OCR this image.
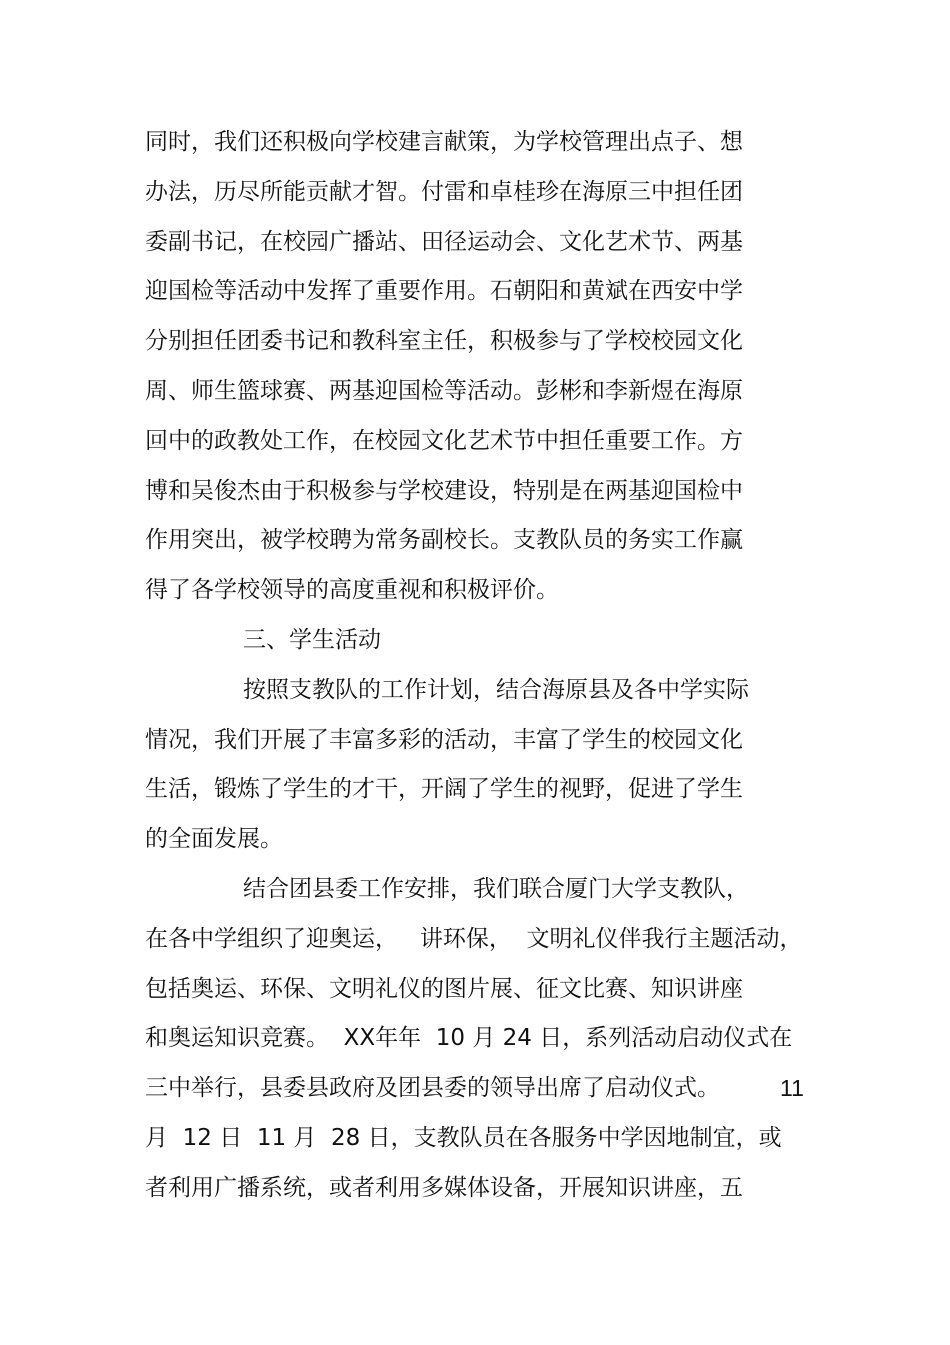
同时，我们还积极向学校建言献策，为学校管理出点子、想
办法，历尽所能贡献才智。付雷和卓桂珍在海原三中担任团
委副书记，在校园广播站、田径运动会、文化艺术节、两基
迎国检等活动中发挥了重要作用。石朝阳和黄斌在西安中学
分别担任团委书记和教科室主任，积极参与了学校校园文化
周、师生篮球赛、两基迎国检等活动。彭彬和李新煜在海原
回中的政教处工作，在校园文化艺术节中担任重要工作。方
博和吴俊杰由于积极参与学校建设，特别是在两基迎国检中
作用突出，被学校聘为常务副校长。支教队员的务实工作赢
得了各学校领导的高度重视和积极评价。
三、学生活动
按照支教队的工作计划，结合海原县及各中学实际
情况，我们开展了丰富多彩的活动，丰富了学生的校园文化
生活，锻炼了学生的才干，开阔了学生的视野，促进了学生
的全面发展。
结合团县委工作安排，我们联合厦门大学支教队，
在各中学组织了迎奥运，   讲环保，  文明礼仪伴我行主题活动，
包括奥运、环保、文明礼仪的图片展、征文比赛、知识讲座
和奥运知识竞赛。  XX年年  10 月 24 日，系列活动启动仪式在
三中举行，县委县政府及团县委的领导出席了启动仪式。	11
月  12 日  11 月  28 日，支教队员在各服务中学因地制宜，或
者利用广播系统，或者利用多媒体设备，开展知识讲座，五
